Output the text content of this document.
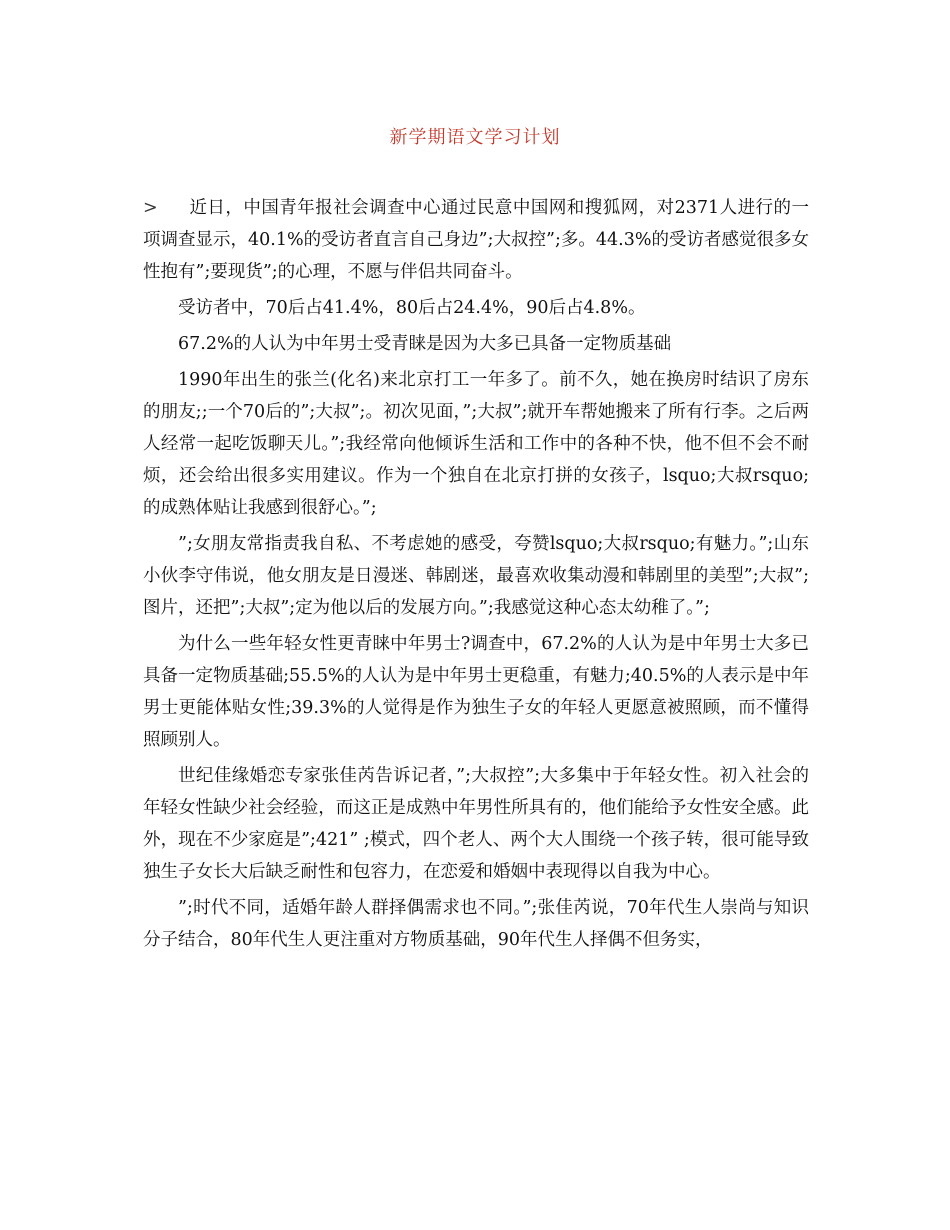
新学期语文学习计划

> 近日，中国青年报社会调查中心通过民意中国网和搜狐网，对2371人进行的一项调查显示，40.1%的受访者直言自己身边”;大叔控”;多。44.3%的受访者感觉很多女性抱有”;要现货”;的心理，不愿与伴侣共同奋斗。

受访者中，70后占41.4%，80后占24.4%，90后占4.8%。

67.2%的人认为中年男士受青睐是因为大多已具备一定物质基础

1990年出生的张兰(化名)来北京打工一年多了。前不久，她在换房时结识了房东的朋友;;一个70后的”;大叔”;。初次见面，”;大叔”;就开车帮她搬来了所有行李。之后两人经常一起吃饭聊天儿。”;我经常向他倾诉生活和工作中的各种不快，他不但不会不耐烦，还会给出很多实用建议。作为一个独自在北京打拼的女孩子，lsquo;大叔rsquo;的成熟体贴让我感到很舒心。”;

”;女朋友常指责我自私、不考虑她的感受，夸赞lsquo;大叔rsquo;有魅力。”;山东小伙李守伟说，他女朋友是日漫迷、韩剧迷，最喜欢收集动漫和韩剧里的美型”;大叔”;图片，还把”;大叔”;定为他以后的发展方向。”;我感觉这种心态太幼稚了。”;

为什么一些年轻女性更青睐中年男士?调查中，67.2%的人认为是中年男士大多已具备一定物质基础;55.5%的人认为是中年男士更稳重，有魅力;40.5%的人表示是中年男士更能体贴女性;39.3%的人觉得是作为独生子女的年轻人更愿意被照顾，而不懂得照顾别人。

世纪佳缘婚恋专家张佳芮告诉记者，”;大叔控”;大多集中于年轻女性。初入社会的年轻女性缺少社会经验，而这正是成熟中年男性所具有的，他们能给予女性安全感。此外，现在不少家庭是”;421” ;模式，四个老人、两个大人围绕一个孩子转，很可能导致独生子女长大后缺乏耐性和包容力，在恋爱和婚姻中表现得以自我为中心。

”;时代不同，适婚年龄人群择偶需求也不同。”;张佳芮说，70年代生人崇尚与知识分子结合，80年代生人更注重对方物质基础，90年代生人择偶不但务实，
